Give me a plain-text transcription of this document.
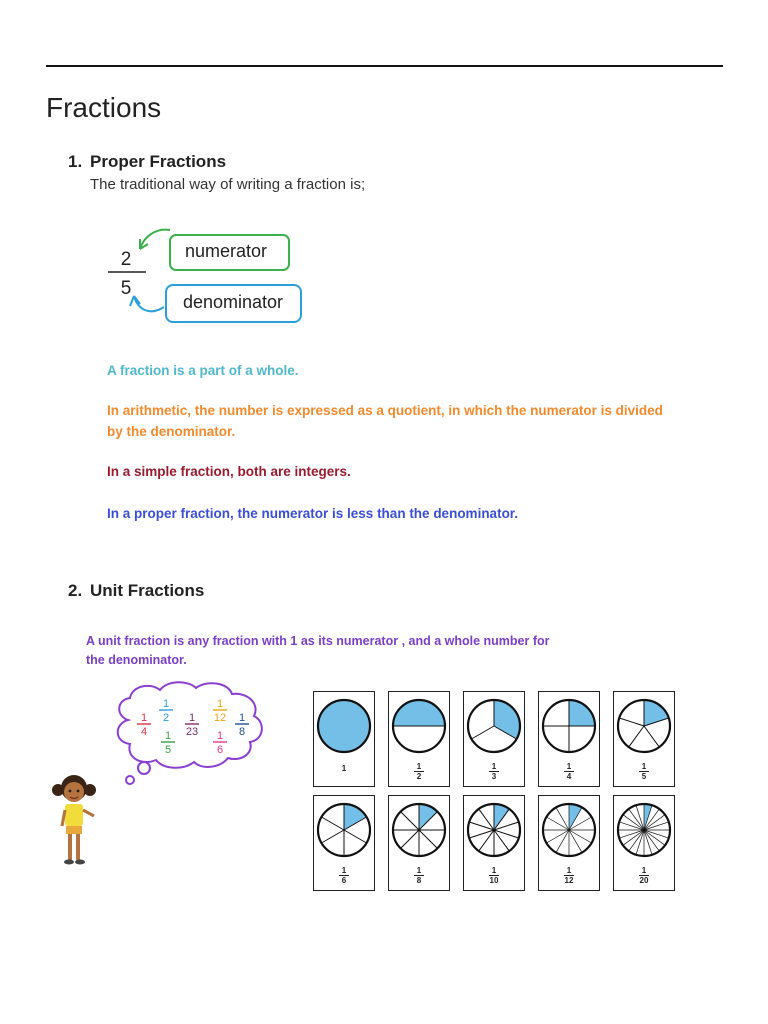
Fractions
1. Proper Fractions
The traditional way of writing a fraction is;
2
5
numerator
denominator
A fraction is a part of a whole.
In arithmetic, the number is expressed as a quotient, in which the numerator is divided by the denominator.
In a simple fraction, both are integers.
In a proper fraction, the numerator is less than the denominator.
2. Unit Fractions
A unit fraction is any fraction with 1 as its numerator , and a whole number for the denominator.
1
4
1
2 1
23
1
12 1
8
1
5
1
6
1	1
2
1
3
1
4
1
5
1
6
1
8
1
10
1
12
1
20
